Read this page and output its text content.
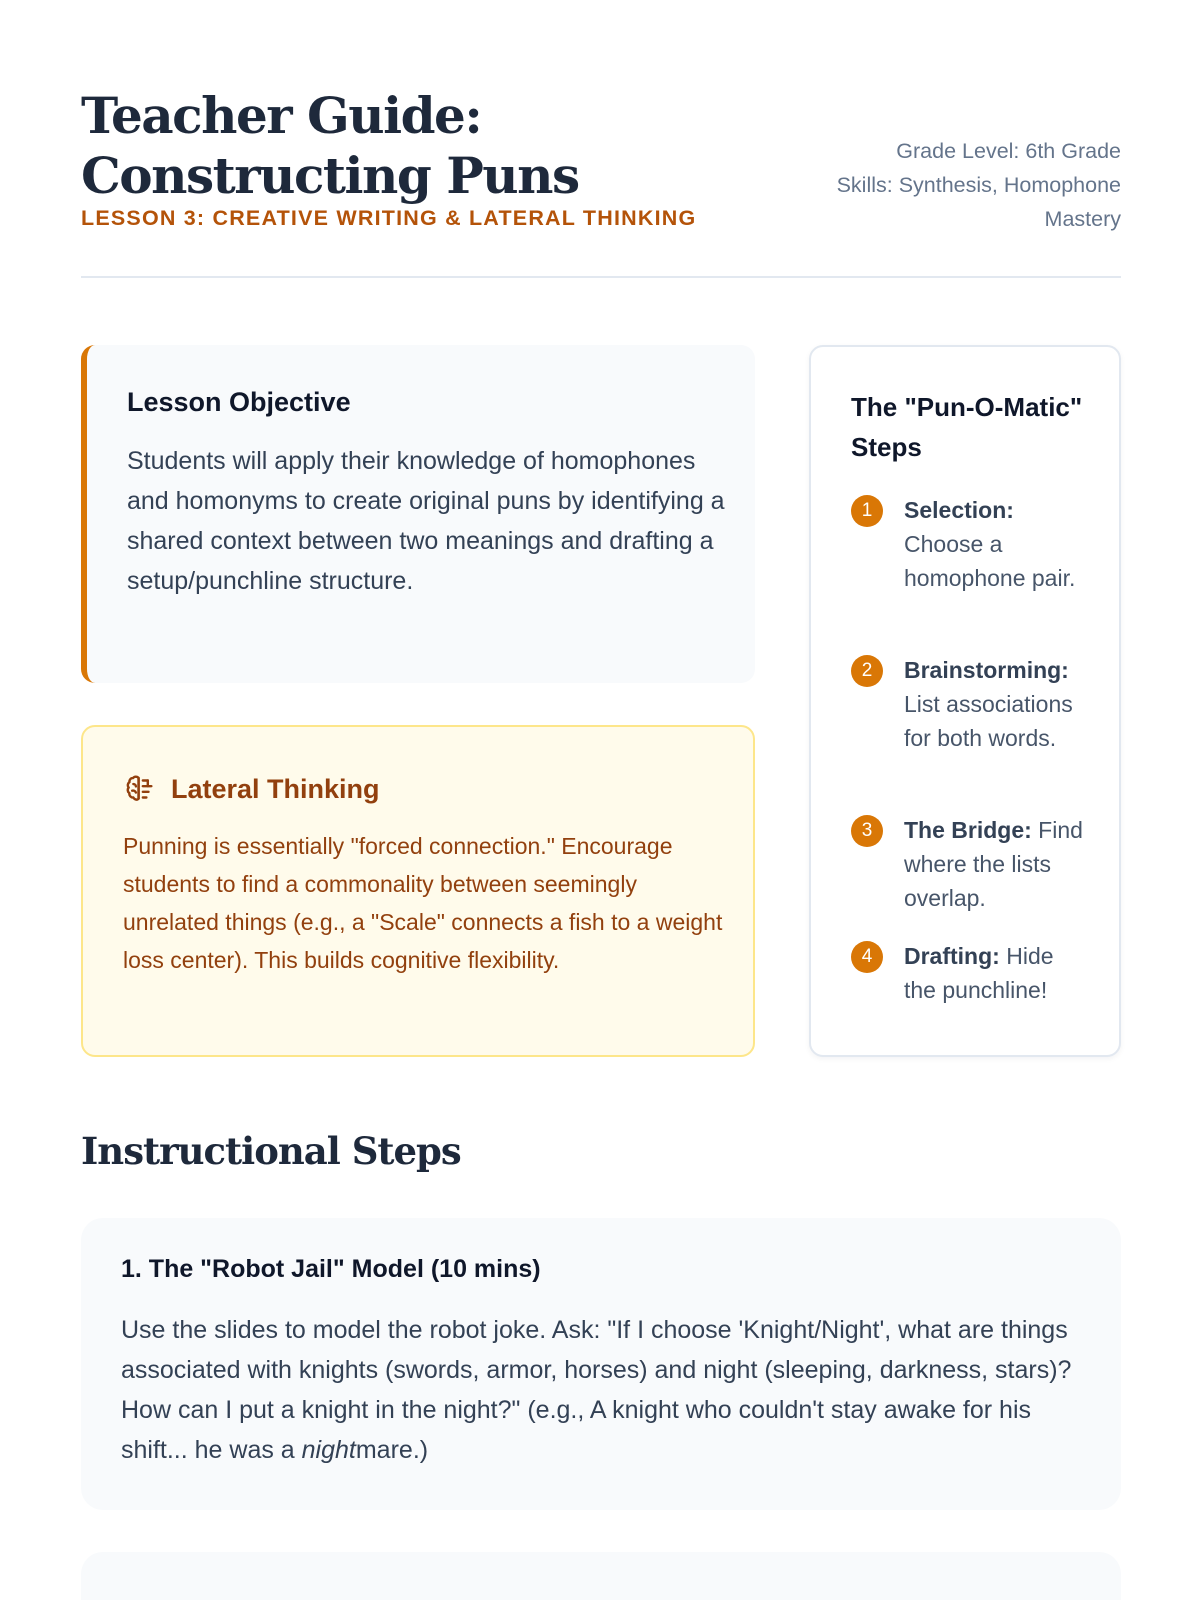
Teacher Guide: Constructing Puns
LESSON 3: CREATIVE WRITING & LATERAL THINKING
Grade Level: 6th Grade
Skills: Synthesis, Homophone Mastery
Lesson Objective

Students will apply their knowledge of homophones and homonyms to create original puns by identifying a shared context between two meanings and drafting a setup/punchline structure.

Lateral Thinking

Punning is essentially "forced connection." Encourage students to find a commonality between seemingly unrelated things (e.g., a "Scale" connects a fish to a weight loss center). This builds cognitive flexibility.

The "Pun-O-Matic" Steps
1	Selection: Choose a homophone pair.
2	Brainstorming: List associations for both words.
3	The Bridge: Find where the lists overlap.
4	Drafting: Hide the punchline!
Instructional Steps
1. The "Robot Jail" Model (10 mins)

Use the slides to model the robot joke. Ask: "If I choose 'Knight/Night', what are things associated with knights (swords, armor, horses) and night (sleeping, darkness, stars)? How can I put a knight in the night?" (e.g., A knight who couldn't stay awake for his shift... he was a nightmare.)
